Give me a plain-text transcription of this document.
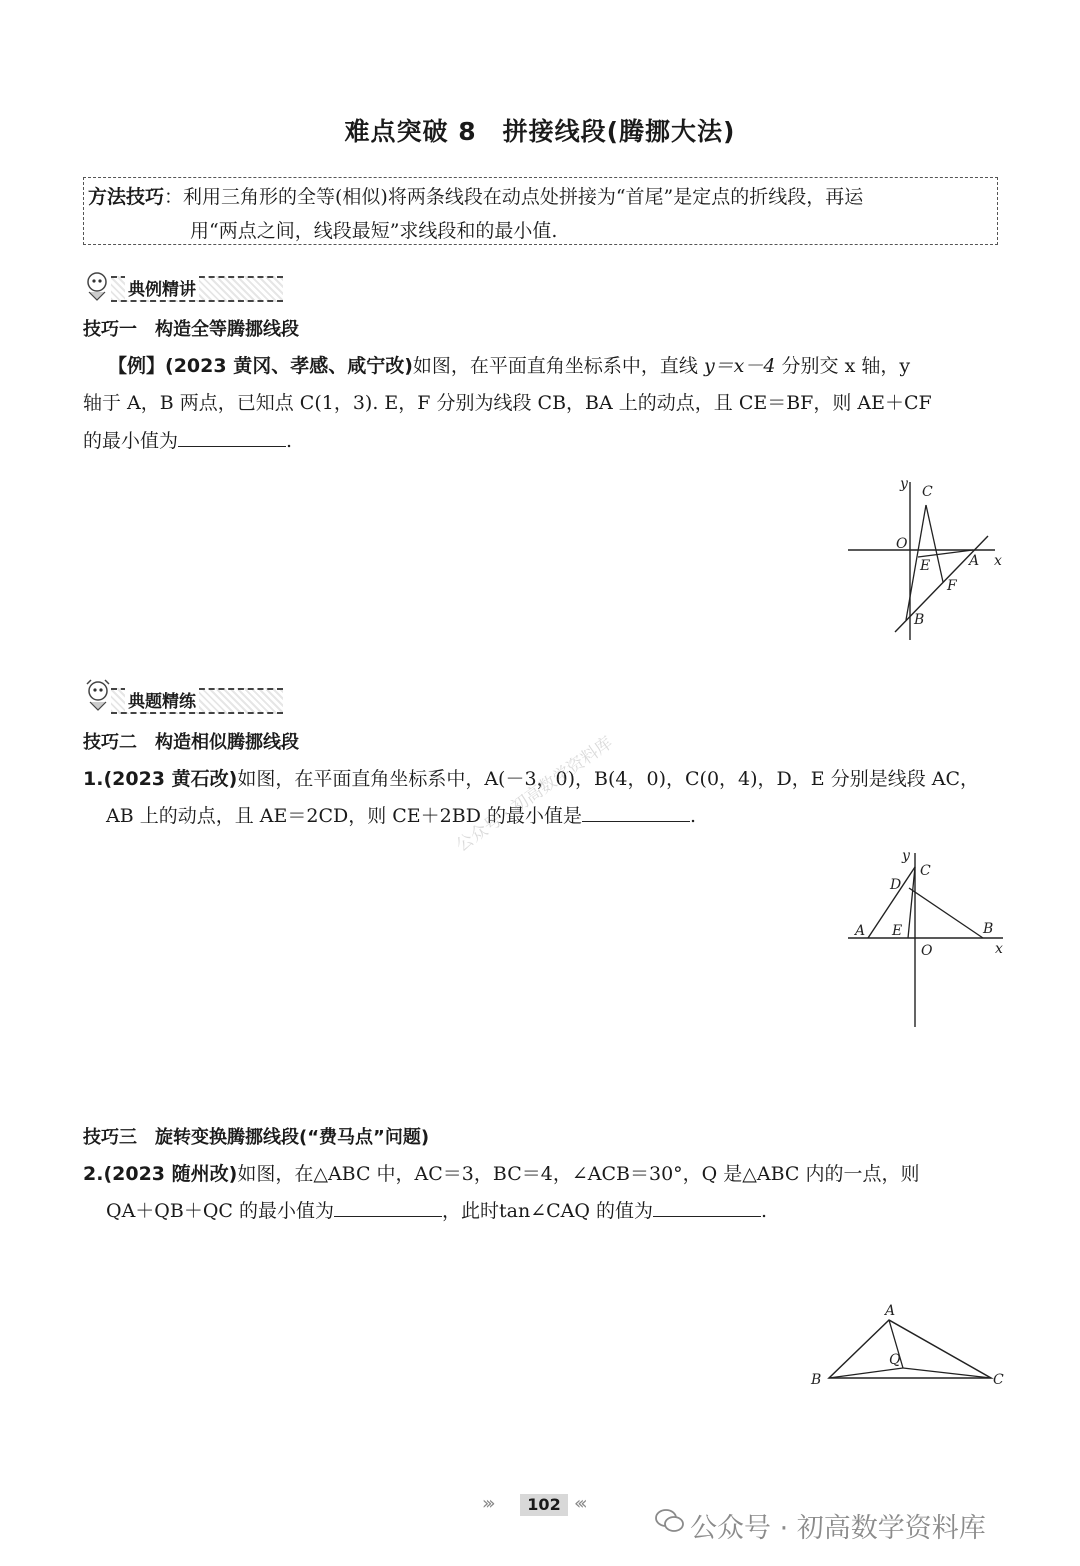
难点突破 8　拼接线段(腾挪大法)
方法技巧：利用三角形的全等(相似)将两条线段在动点处拼接为“首尾”是定点的折线段，再运
用“两点之间，线段最短”求线段和的最小值.
典例精讲
技巧一　构造全等腾挪线段
【例】(2023 黄冈、孝感、咸宁改)如图，在平面直角坐标系中，直线 y＝x－4 分别交 x 轴，y
轴于 A，B 两点，已知点 C(1，3). E，F 分别为线段 CB，BA 上的动点，且 CE＝BF，则 AE＋CF
的最小值为	.
y C
O
x
A
E
F
B
典题精练
技巧二　构造相似腾挪线段
1.(2023 黄石改)如图，在平面直角坐标系中，A(－3，0)，B(4，0)，C(0，4)，D，E 分别是线段 AC，
AB 上的动点，且 AE＝2CD，则 CE＋2BD 的最小值是	.
y
C
D
A E
O
B
x
公众号 · 初高数学资料库
技巧三　旋转变换腾挪线段(“费马点”问题)
2.(2023 随州改)如图，在△ABC 中，AC＝3，BC＝4，∠ACB＝30°，Q 是△ABC 内的一点，则
QA＋QB＋QC 的最小值为	，此时tan∠CAQ 的值为	.
A
Q
B	C
›››	102 ‹‹‹
公众号 · 初高数学资料库
